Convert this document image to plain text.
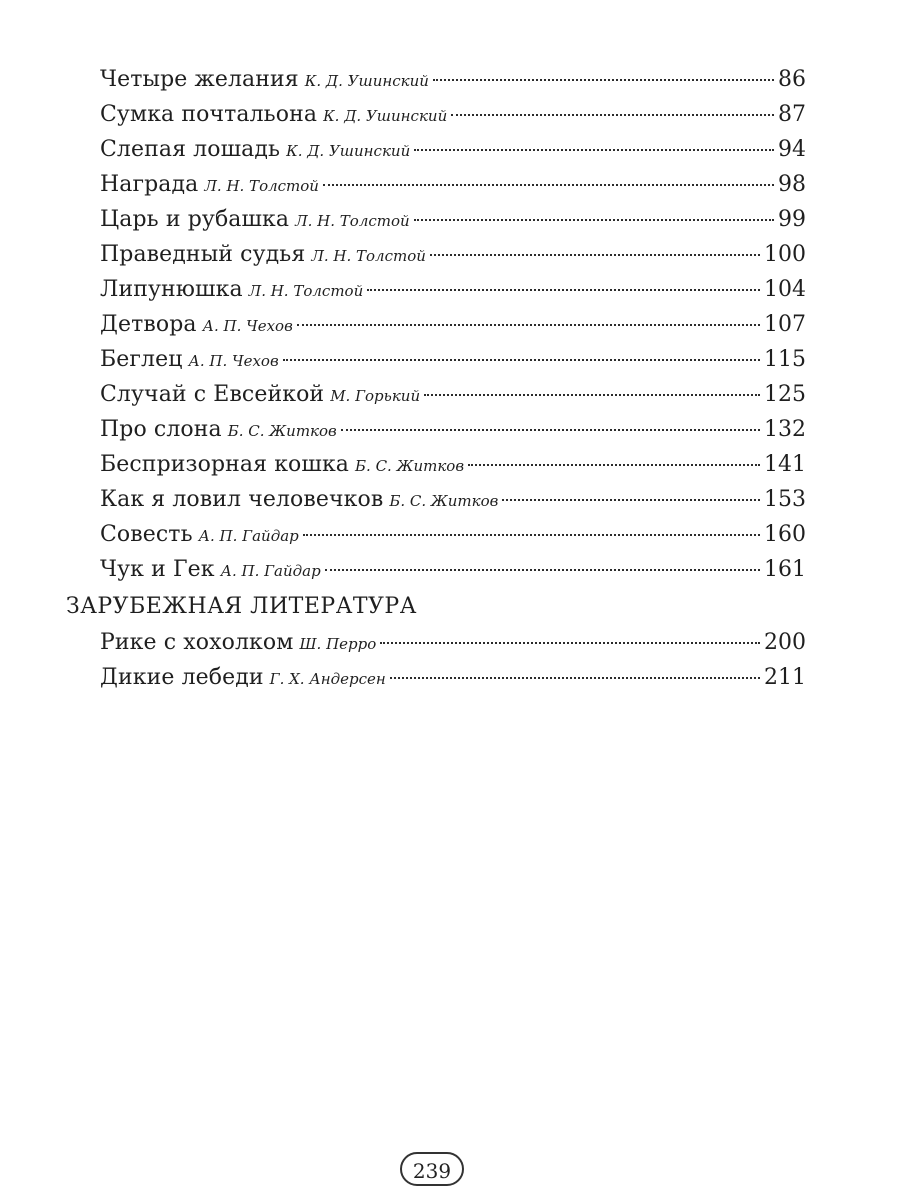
Четыре желания К. Д. Ушинский	86
Сумка почтальона К. Д. Ушинский	87
Слепая лошадь К. Д. Ушинский	94
Награда Л. Н. Толстой	98
Царь и рубашка Л. Н. Толстой	99
Праведный судья Л. Н. Толстой	100
Липунюшка Л. Н. Толстой	104
Детвора А. П. Чехов	107
Беглец А. П. Чехов	115
Случай с Евсейкой М. Горький	125
Про слона Б. С. Житков	132
Беспризорная кошка Б. С. Житков	141
Как я ловил человечков Б. С. Житков	153
Совесть А. П. Гайдар	160
Чук и Гек А. П. Гайдар	161
ЗАРУБЕЖНАЯ ЛИТЕРАТУРА
Рике с хохолком Ш. Перро	200
Дикие лебеди Г. Х. Андерсен	211
239
